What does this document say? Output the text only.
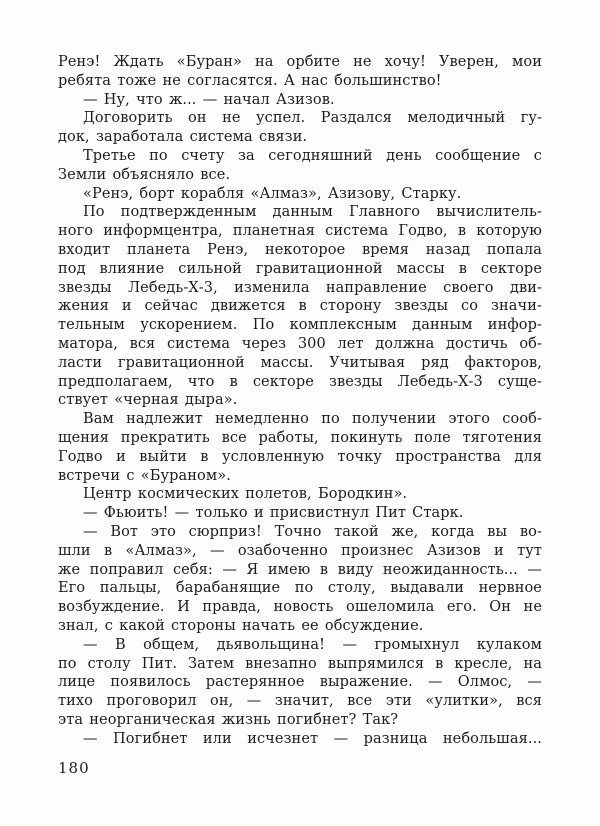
Ренэ! Ждать «Буран» на орбите не хочу! Уверен, мои
ребята тоже не согласятся. А нас большинство!
— Ну, что ж... — начал Азизов.
Договорить он не успел. Раздался мелодичный гу-
док, заработала система связи.
Третье по счету за сегодняшний день сообщение с
Земли объясняло все.
«Ренэ, борт корабля «Алмаз», Азизову, Старку.
По подтвержденным данным Главного вычислитель-
ного информцентра, планетная система Годво, в которую
входит планета Ренэ, некоторое время назад попала
под влияние сильной гравитационной массы в секторе
звезды Лебедь-Х-3, изменила направление своего дви-
жения и сейчас движется в сторону звезды со значи-
тельным ускорением. По комплексным данным инфор-
матора, вся система через 300 лет должна достичь об-
ласти гравитационной массы. Учитывая ряд факторов,
предполагаем, что в секторе звезды Лебедь-Х-3 суще-
ствует «черная дыра».
Вам надлежит немедленно по получении этого сооб-
щения прекратить все работы, покинуть поле тяготения
Годво и выйти в условленную точку пространства для
встречи с «Бураном».
Центр космических полетов, Бородкин».
— Фьюить! — только и присвистнул Пит Старк.
— Вот это сюрприз! Точно такой же, когда вы во-
шли в «Алмаз», — озабоченно произнес Азизов и тут
же поправил себя: — Я имею в виду неожиданность... —
Его пальцы, барабанящие по столу, выдавали нервное
возбуждение. И правда, новость ошеломила его. Он не
знал, с какой стороны начать ее обсуждение.
— В общем, дьявольщина! — громыхнул кулаком
по столу Пит. Затем внезапно выпрямился в кресле, на
лице появилось растерянное выражение. — Олмос, —
тихо проговорил он, — значит, все эти «улитки», вся
эта неорганическая жизнь погибнет? Так?
— Погибнет или исчезнет — разница небольшая...
180
